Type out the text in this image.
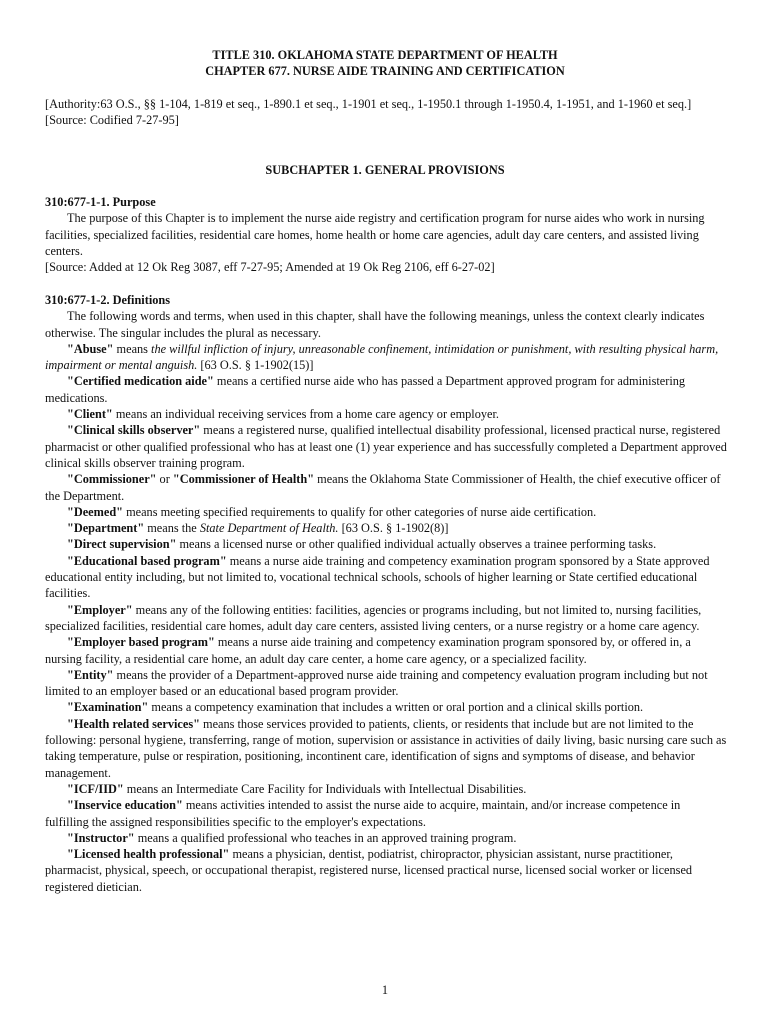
TITLE 310. OKLAHOMA STATE DEPARTMENT OF HEALTH
CHAPTER 677. NURSE AIDE TRAINING AND CERTIFICATION

[Authority:63 O.S., §§ 1-104, 1-819 et seq., 1-890.1 et seq., 1-1901 et seq., 1-1950.1 through 1-1950.4, 1-1951, and 1-1960 et seq.]

[Source: Codified 7-27-95]

SUBCHAPTER 1. GENERAL PROVISIONS

310:677-1-1. Purpose

The purpose of this Chapter is to implement the nurse aide registry and certification program for nurse aides who work in nursing facilities, specialized facilities, residential care homes, home health or home care agencies, adult day care centers, and assisted living centers.

[Source: Added at 12 Ok Reg 3087, eff 7-27-95; Amended at 19 Ok Reg 2106, eff 6-27-02]

310:677-1-2. Definitions

The following words and terms, when used in this chapter, shall have the following meanings, unless the context clearly indicates otherwise. The singular includes the plural as necessary.

"Abuse" means the willful infliction of injury, unreasonable confinement, intimidation or punishment, with resulting physical harm, impairment or mental anguish. [63 O.S. § 1-1902(15)]

"Certified medication aide" means a certified nurse aide who has passed a Department approved program for administering medications.

"Client" means an individual receiving services from a home care agency or employer.

"Clinical skills observer" means a registered nurse, qualified intellectual disability professional, licensed practical nurse, registered pharmacist or other qualified professional who has at least one (1) year experience and has successfully completed a Department approved clinical skills observer training program.

"Commissioner" or "Commissioner of Health" means the Oklahoma State Commissioner of Health, the chief executive officer of the Department.

"Deemed" means meeting specified requirements to qualify for other categories of nurse aide certification.

"Department" means the State Department of Health. [63 O.S. § 1-1902(8)]

"Direct supervision" means a licensed nurse or other qualified individual actually observes a trainee performing tasks.

"Educational based program" means a nurse aide training and competency examination program sponsored by a State approved educational entity including, but not limited to, vocational technical schools, schools of higher learning or State certified educational facilities.

"Employer" means any of the following entities: facilities, agencies or programs including, but not limited to, nursing facilities, specialized facilities, residential care homes, adult day care centers, assisted living centers, or a nurse registry or a home care agency.

"Employer based program" means a nurse aide training and competency examination program sponsored by, or offered in, a nursing facility, a residential care home, an adult day care center, a home care agency, or a specialized facility.

"Entity" means the provider of a Department-approved nurse aide training and competency evaluation program including but not limited to an employer based or an educational based program provider.

"Examination" means a competency examination that includes a written or oral portion and a clinical skills portion.

"Health related services" means those services provided to patients, clients, or residents that include but are not limited to the following: personal hygiene, transferring, range of motion, supervision or assistance in activities of daily living, basic nursing care such as taking temperature, pulse or respiration, positioning, incontinent care, identification of signs and symptoms of disease, and behavior management.

"ICF/IID" means an Intermediate Care Facility for Individuals with Intellectual Disabilities.

"Inservice education" means activities intended to assist the nurse aide to acquire, maintain, and/or increase competence in fulfilling the assigned responsibilities specific to the employer's expectations.

"Instructor" means a qualified professional who teaches in an approved training program.

"Licensed health professional" means a physician, dentist, podiatrist, chiropractor, physician assistant, nurse practitioner, pharmacist, physical, speech, or occupational therapist, registered nurse, licensed practical nurse, licensed social worker or licensed registered dietician.

1
